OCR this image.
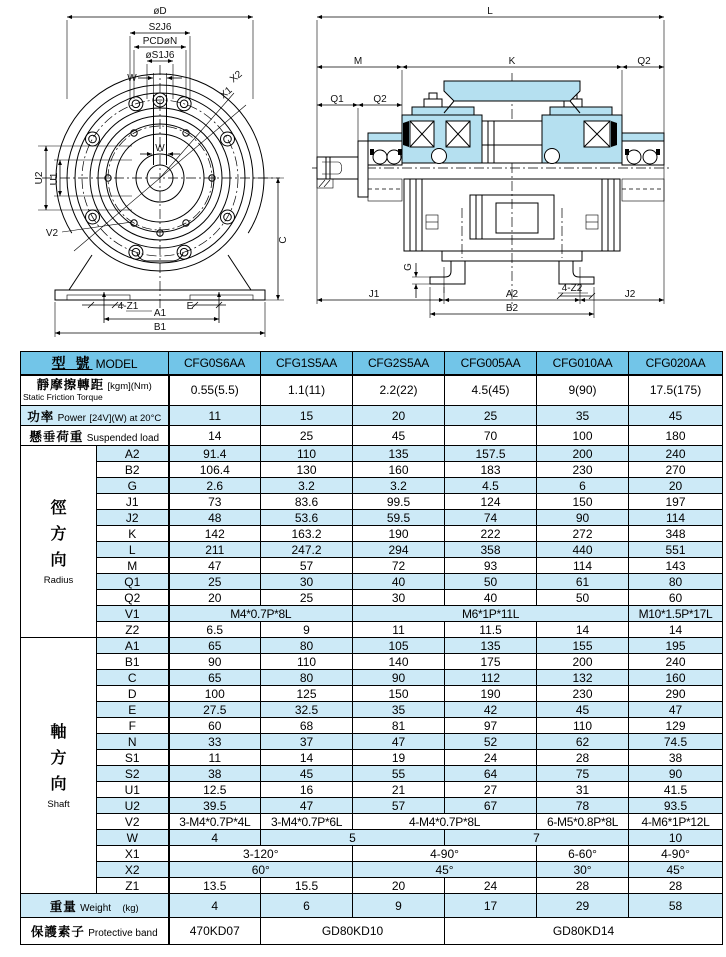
X2
X1
øD
S2J6
PCDøN
øS1J6
W
W
U2 U1
C
V2
4-Z1	E
A1
B1
L
M	K	Q2
Q1	Q2
G
4-Z2
J1	A2	J2
B2
型 號 MODEL		CFG0S6AA	CFG1S5AA	CFG2S5AA	CFG005AA	CFG010AA	CFG020AA

靜摩擦轉距 [kgm](Nm)
Static Friction Torque		0.55(5.5)	1.1(11)	2.2(22)	4.5(45)	9(90)	17.5(175)
功率 Power [24V](W) at 20°C		11	15	20	25	35	45
懸垂荷重 Suspended load		14	25	45	70	100	180

徑
方
向
Radius	A2	91.4	110	135	157.5	200	240
	B2	106.4	130	160	183	230	270
	G	2.6	3.2	3.2	4.5	6	20
	J1	73	83.6	99.5	124	150	197
	J2	48	53.6	59.5	74	90	114
	K	142	163.2	190	222	272	348
	L	211	247.2	294	358	440	551
	M	47	57	72	93	114	143
	Q1	25	30	40	50	61	80
	Q2	20	25	30	40	50	60
	V1	M4*0.7P*8L		M6*1P*11L			M10*1.5P*17L
	Z2	6.5	9	11	11.5	14	14

軸
方
向
Shaft	A1	65	80	105	135	155	195
	B1	90	110	140	175	200	240
	C	65	80	90	112	132	160
	D	100	125	150	190	230	290
	E	27.5	32.5	35	42	45	47
	F	60	68	81	97	110	129
	N	33	37	47	52	62	74.5
	S1	11	14	19	24	28	38
	S2	38	45	55	64	75	90
	U1	12.5	16	21	27	31	41.5
	U2	39.5	47	57	67	78	93.5
	V2	3-M4*0.7P*4L	3-M4*0.7P*6L	4-M4*0.7P*8L		6-M5*0.8P*8L	4-M6*1P*12L
	W	4	5		7		10
	X1	3-120°		4-90°		6-60°	4-90°
	X2	60°		45°		30°	45°
	Z1	13.5	15.5	20	24	28	28
重量 Weight    (kg)		4	6	9	17	29	58
保護素子 Protective band		470KD07	GD80KD10		GD80KD14		
